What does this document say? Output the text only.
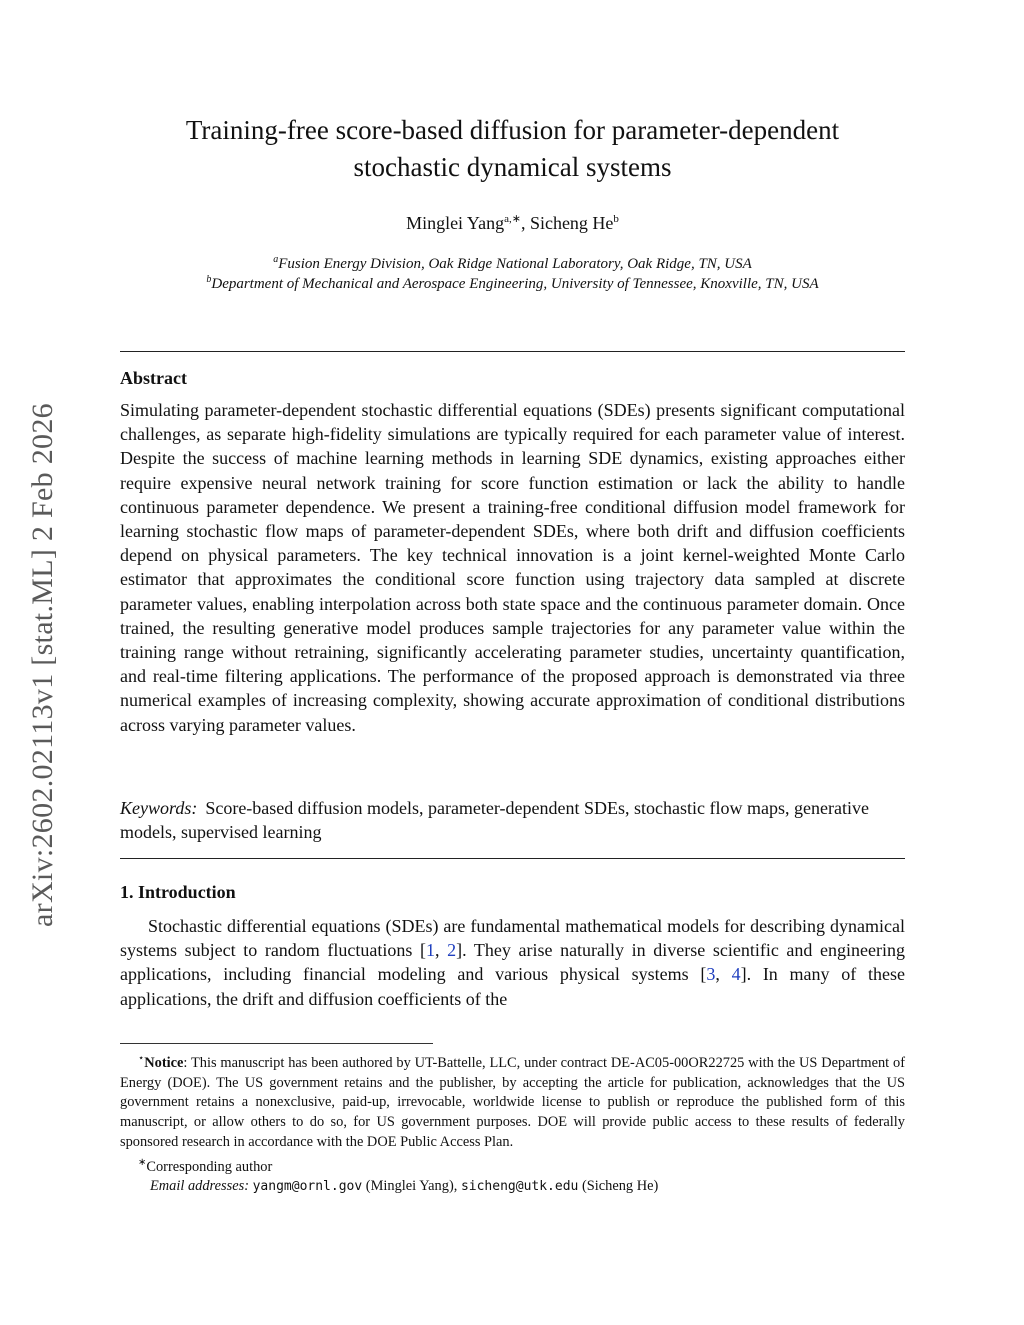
arXiv:2602.02113v1 [stat.ML] 2 Feb 2026
Training-free score-based diffusion for parameter-dependent
stochastic dynamical systems
Minglei Yang$^{a,∗}$, Sicheng He$^b$
$^a$Fusion Energy Division, Oak Ridge National Laboratory, Oak Ridge, TN, USA
$^b$Department of Mechanical and Aerospace Engineering, University of Tennessee, Knoxville, TN, USA
Abstract
Simulating parameter-dependent stochastic differential equations (SDEs) presents significant computational challenges, as separate high-fidelity simulations are typically required for each parameter value of interest. Despite the success of machine learning methods in learning SDE dynamics, existing approaches either require expensive neural network training for score function estimation or lack the ability to handle continuous parameter dependence. We present a training-free conditional diffusion model framework for learning stochastic flow maps of parameter-dependent SDEs, where both drift and diffusion coefficients depend on physical parameters. The key technical innovation is a joint kernel-weighted Monte Carlo estimator that approximates the conditional score function using trajectory data sampled at discrete parameter values, enabling interpolation across both state space and the continuous parameter domain. Once trained, the resulting generative model produces sample trajectories for any parameter value within the training range without retraining, significantly accelerating parameter studies, uncertainty quantification, and real-time filtering applications. The performance of the proposed approach is demonstrated via three numerical examples of increasing complexity, showing accurate approximation of conditional distributions across varying parameter values.
Keywords: Score-based diffusion models, parameter-dependent SDEs, stochastic flow maps, generative models, supervised learning
1. Introduction
Stochastic differential equations (SDEs) are fundamental mathematical models for describing dynamical systems subject to random fluctuations [1, 2]. They arise naturally in diverse scientific and engineering applications, including financial modeling and various physical systems [3, 4]. In many of these applications, the drift and diffusion coefficients of the

⋆Notice: This manuscript has been authored by UT-Battelle, LLC, under contract DE-AC05-00OR22725 with the US Department of Energy (DOE). The US government retains and the publisher, by accepting the article for publication, acknowledges that the US government retains a nonexclusive, paid-up, irrevocable, worldwide license to publish or reproduce the published form of this manuscript, or allow others to do so, for US government purposes. DOE will provide public access to these results of federally sponsored research in accordance with the DOE Public Access Plan.

∗Corresponding author

Email addresses: yangm@ornl.gov (Minglei Yang), sicheng@utk.edu (Sicheng He)
